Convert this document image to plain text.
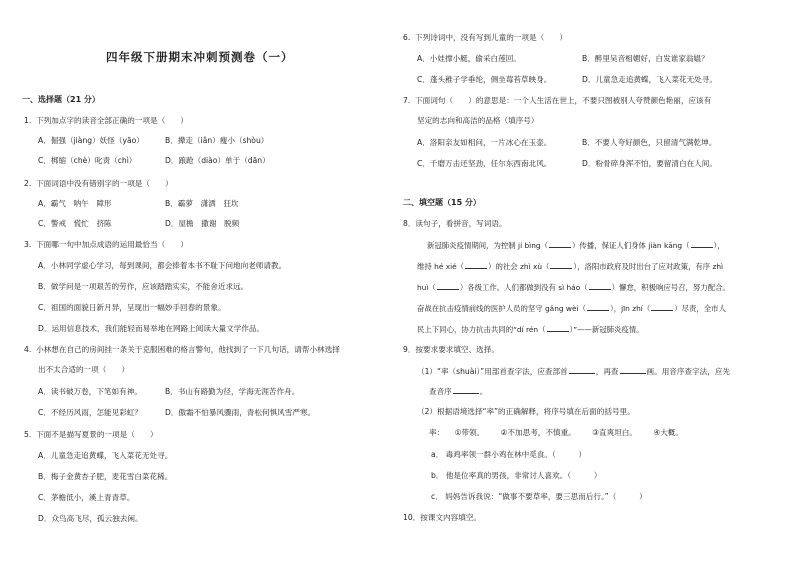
四年级下册期末冲刺预测卷（一）
一、选择题（21 分）
1.  下列加点字的读音全部正确的一项是（　　）
A．倔强（jiàng）妖怪（yāo）	B．撵走（iǎn）瘦小（shòu）
C．梆缩（chè）叱责（chì）	D．踉跄（diào）单于（dān）
2.  下面词语中没有错别字的一项是（　　）
A．霸气　呐午　障形	B．霸萝　潇洒　狂坎
C．警戒　慌忙　挤陈	D．屋檐　撒谢　脱频
3.  下面哪一句中加点成语的运用最恰当（　　）
A．小林同学虚心学习，每到课间，都会捧着本书不耻下问地向老师请教。
B．做学问是一项艰苦的劳作，应该踏踏实实，不能舍近求远。
C．祖国的面貌日新月异，呈现出一幅妙手回春的景象。
D．运用信息技术，我们能轻而易举地在网路上阅读大量文学作品。
4.  小林想在自己的房间挂一条关于克服困难的格言警句，他找到了一下几句话，请帮小林选择
出不太合适的一项（　　）
A．读书破万卷，下笔如有神。	B．书山有路勤为径，学海无涯苦作舟。
C．不经历风雨，怎能见彩虹？	D．傲霜不怕暴风骤雨，青松何惧风雪严寒。
5.  下面不是描写夏景的一项是（　　）
A．儿童急走追黄蝶，飞入菜花无处寻。
B．梅子金黄杏子肥，麦花雪白菜花稀。
C．茅檐低小，溪上青青草。
D．众鸟高飞尽，孤云独去闲。
6.  下列诗词中，没有写到儿童的一项是（　　）
A．小娃撑小艇，偷采白莲回。	B．醉里吴音相媚好，白发谁家翁媪？
C．蓬头稚子学垂纶，侧坐莓苔草映身。	D．儿童急走追黄蝶，飞入菜花无处寻。
7.  下面词句（　　）的意思是：一个人生活在世上，不要只图被别人夸赞颜色艳丽，应该有
坚定的志向和高洁的品格（填序号）
A．洛阳亲友如相问，一片冰心在玉壶。	B．不要人夸好颜色，只留清气满乾坤。
C．千磨万击还坚劲，任尔东西南北风。	D．粉骨碎身浑不怕，要留清白在人间。
二、填空题（15 分）
8．读句子，看拼音，写词语。
新冠肺炎疫情期间，为控制 jí bìng（	）传播，保证人们身体 jiàn kāng（	），
维持 hé xié（	）的社会 zhì xù（	），洛阳市政府及时出台了应对政策，有序 zhì
huì（	）各级工作。人们都做到没有 sì háo（	）懈怠，积极响应号召，努力配合。
奋战在抗击疫情前线的医护人员的坚守 gǎng wèi（	），jīn zhí（	）尽责，全市人
民上下同心，协力抗击共同的“dí rén（	）”——新冠肺炎疫情。
9．按要求要求填空、选择。
（1）“率（shuài）”用部首查字法，应查部首	，再查	画。用音序查字法，应先
查音序	。
（2）根据语境选择“率”的正确解释，将序号填在后面的括号里。
率： ①带领。 ②不加思考，不慎重。 ③直爽坦白。 ④大概。
a． 毒鸡率领一群小鸡在林中觅食。（　　　）
b． 他是位率真的男孩，非常讨人喜欢。（　　　）
c． 妈妈告诉我说：“做事不要草率，要三思而后行。”（　　　）
10．按课文内容填空。
